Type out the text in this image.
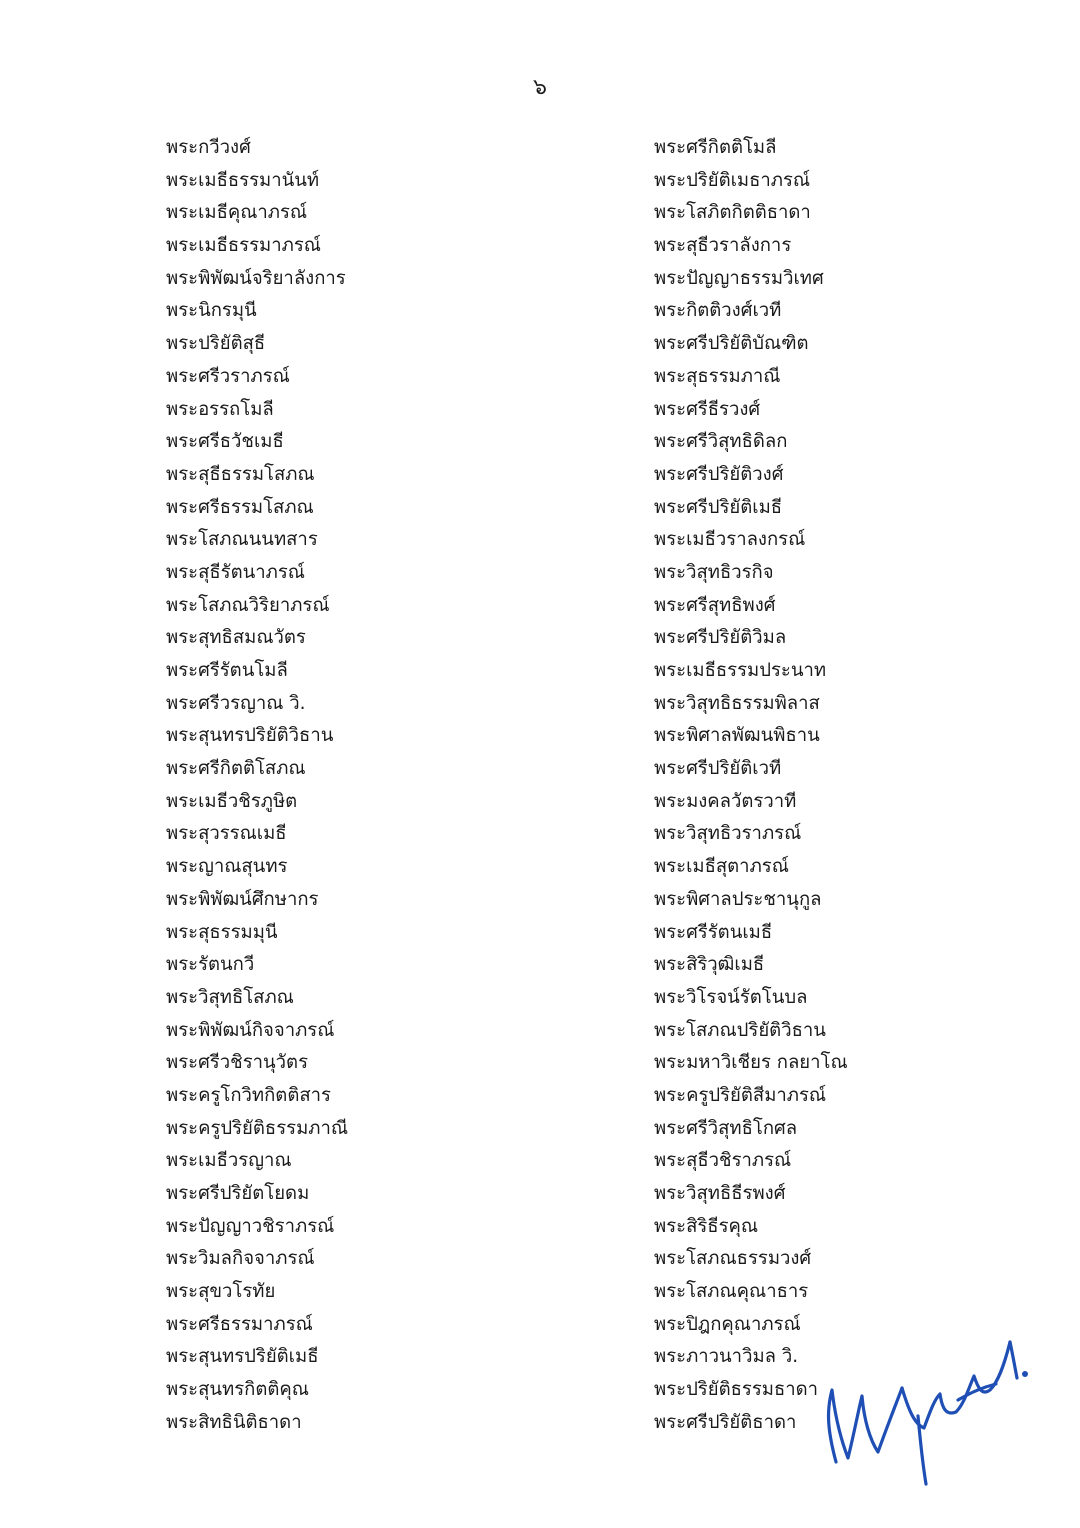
๖
พระกวีวงศ์
พระเมธีธรรมานันท์
พระเมธีคุณาภรณ์
พระเมธีธรรมาภรณ์
พระพิพัฒน์จริยาลังการ
พระนิกรมุนี
พระปริยัติสุธี
พระศรีวราภรณ์
พระอรรถโมลี
พระศรีธวัชเมธี
พระสุธีธรรมโสภณ
พระศรีธรรมโสภณ
พระโสภณนนทสาร
พระสุธีรัตนาภรณ์
พระโสภณวิริยาภรณ์
พระสุทธิสมณวัตร
พระศรีรัตนโมลี
พระศรีวรญาณ วิ.
พระสุนทรปริยัติวิธาน
พระศรีกิตติโสภณ
พระเมธีวชิรภูษิต
พระสุวรรณเมธี
พระญาณสุนทร
พระพิพัฒน์ศึกษากร
พระสุธรรมมุนี
พระรัตนกวี
พระวิสุทธิโสภณ
พระพิพัฒน์กิจจาภรณ์
พระศรีวชิรานุวัตร
พระครูโกวิทกิตติสาร
พระครูปริยัติธรรมภาณี
พระเมธีวรญาณ
พระศรีปริยัตโยดม
พระปัญญาวชิราภรณ์
พระวิมลกิจจาภรณ์
พระสุขวโรทัย
พระศรีธรรมาภรณ์
พระสุนทรปริยัติเมธี
พระสุนทรกิตติคุณ
พระสิทธินิติธาดา
พระศรีกิตติโมลี
พระปริยัติเมธาภรณ์
พระโสภิตกิตติธาดา
พระสุธีวราลังการ
พระปัญญาธรรมวิเทศ
พระกิตติวงศ์เวที
พระศรีปริยัติบัณฑิต
พระสุธรรมภาณี
พระศรีธีรวงศ์
พระศรีวิสุทธิดิลก
พระศรีปริยัติวงศ์
พระศรีปริยัติเมธี
พระเมธีวราลงกรณ์
พระวิสุทธิวรกิจ
พระศรีสุทธิพงศ์
พระศรีปริยัติวิมล
พระเมธีธรรมประนาท
พระวิสุทธิธรรมพิลาส
พระพิศาลพัฒนพิธาน
พระศรีปริยัติเวที
พระมงคลวัตรวาที
พระวิสุทธิวราภรณ์
พระเมธีสุตาภรณ์
พระพิศาลประชานุกูล
พระศรีรัตนเมธี
พระสิริวุฒิเมธี
พระวิโรจน์รัตโนบล
พระโสภณปริยัติวิธาน
พระมหาวิเชียร กลยาโณ
พระครูปริยัติสีมาภรณ์
พระศรีวิสุทธิโกศล
พระสุธีวชิราภรณ์
พระวิสุทธิธีรพงศ์
พระสิริธีรคุณ
พระโสภณธรรมวงศ์
พระโสภณคุณาธาร
พระปิฎกคุณาภรณ์
พระภาวนาวิมล วิ.
พระปริยัติธรรมธาดา
พระศรีปริยัติธาดา
